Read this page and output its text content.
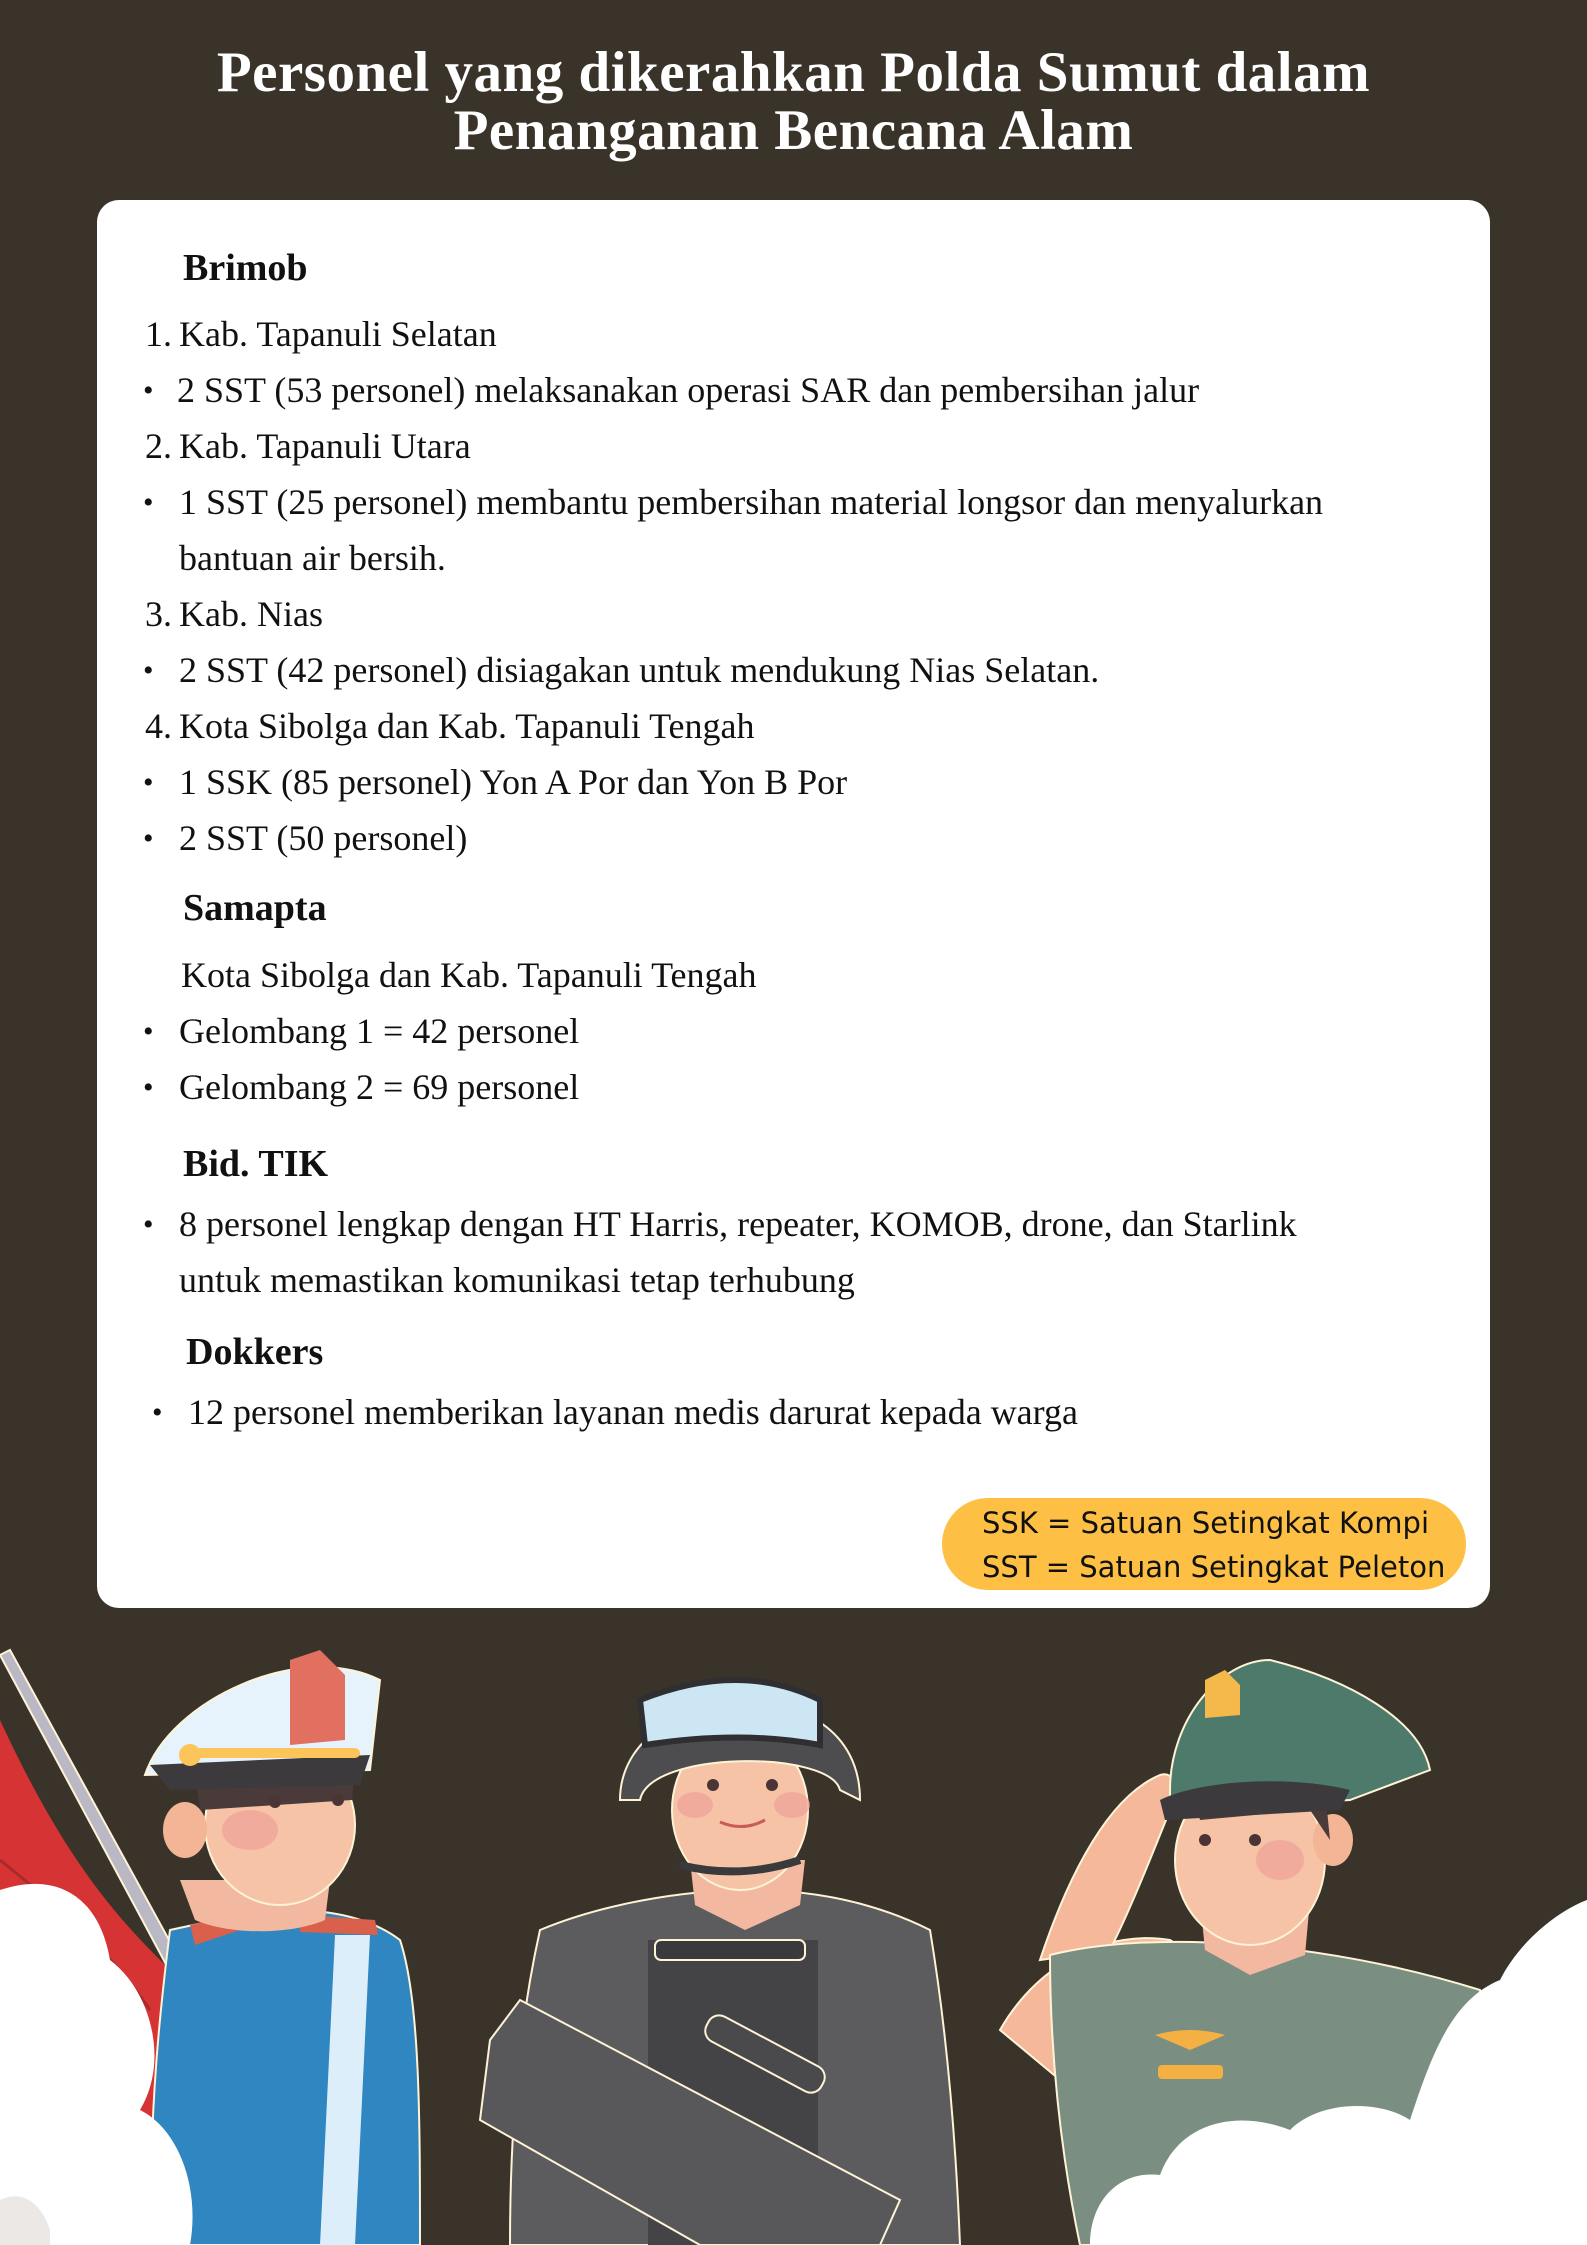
Personel yang dikerahkan Polda Sumut dalam
Penanganan Bencana Alam
Brimob
1. Kab. Tapanuli Selatan
• 2 SST (53 personel) melaksanakan operasi SAR dan pembersihan jalur
2. Kab. Tapanuli Utara
• 1 SST (25 personel) membantu pembersihan material longsor dan menyalurkan
bantuan air bersih.
3. Kab. Nias
• 2 SST (42 personel) disiagakan untuk mendukung Nias Selatan.
4. Kota Sibolga dan Kab. Tapanuli Tengah
• 1 SSK (85 personel) Yon A Por dan Yon B Por
• 2 SST (50 personel)
Samapta
Kota Sibolga dan Kab. Tapanuli Tengah
• Gelombang 1 = 42 personel
• Gelombang 2 = 69 personel
Bid. TIK
• 8 personel lengkap dengan HT Harris, repeater, KOMOB, drone, dan Starlink
untuk memastikan komunikasi tetap terhubung
Dokkers
• 12 personel memberikan layanan medis darurat kepada warga
SSK = Satuan Setingkat Kompi
SST = Satuan Setingkat Peleton
